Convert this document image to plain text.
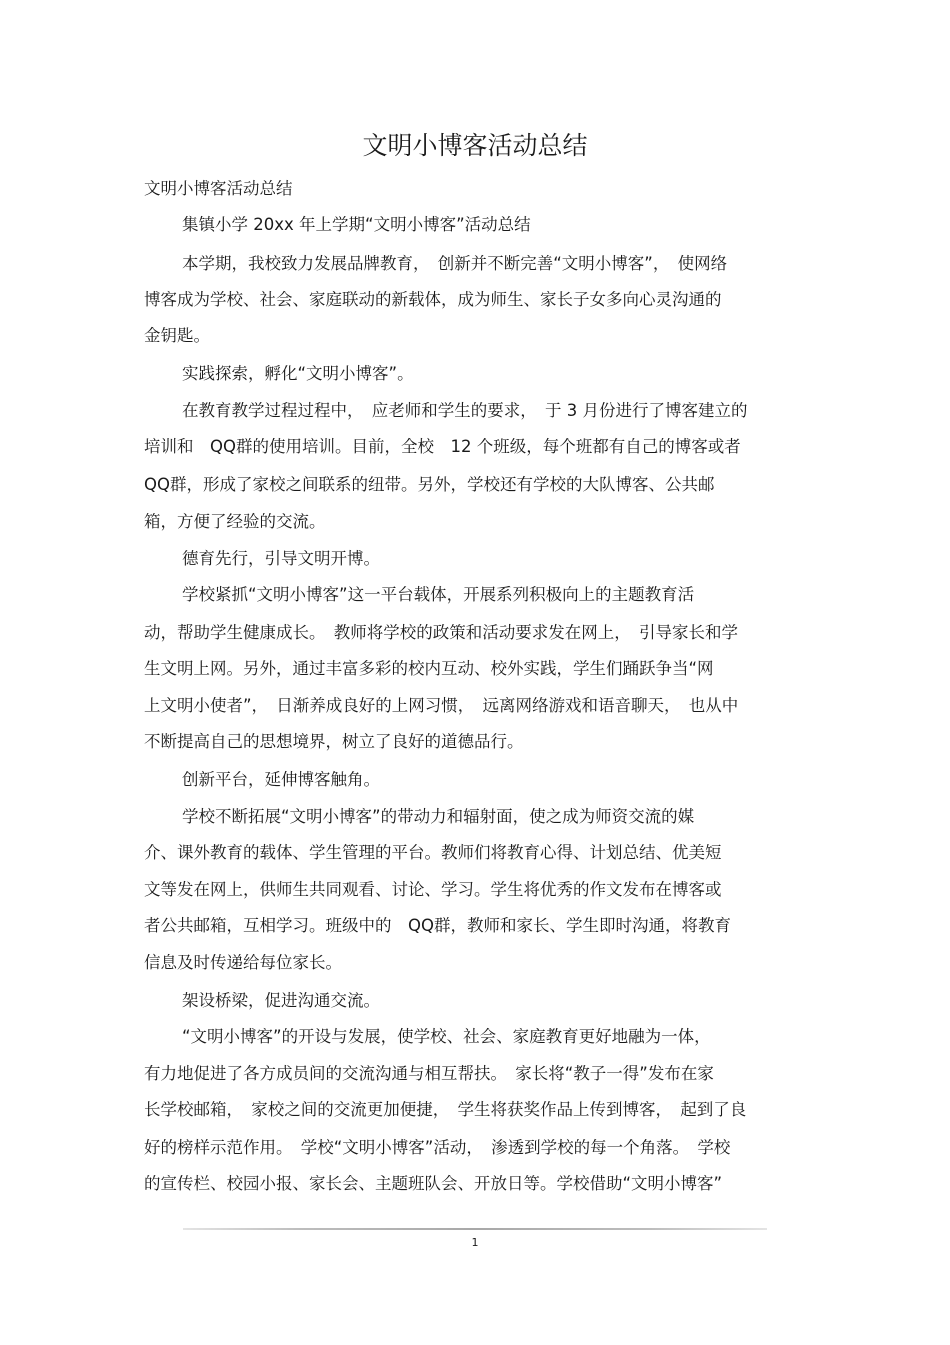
文明小博客活动总结

文明小博客活动总结

集镇小学 20xx 年上学期“文明小博客”活动总结

本学期，我校致力发展品牌教育，　创新并不断完善“文明小博客”，　使网络

博客成为学校、社会、家庭联动的新载体，成为师生、家长子女多向心灵沟通的

金钥匙。

实践探索，孵化“文明小博客”。

在教育教学过程过程中，　应老师和学生的要求，　于 3 月份进行了博客建立的

培训和　QQ群的使用培训。目前，全校　12 个班级，每个班都有自己的博客或者

QQ群，形成了家校之间联系的纽带。另外，学校还有学校的大队博客、公共邮

箱，方便了经验的交流。

德育先行，引导文明开博。

学校紧抓“文明小博客”这一平台载体，开展系列积极向上的主题教育活

动，帮助学生健康成长。　教师将学校的政策和活动要求发在网上，　引导家长和学

生文明上网。另外，通过丰富多彩的校内互动、校外实践，学生们踊跃争当“网

上文明小使者”，　日渐养成良好的上网习惯，　远离网络游戏和语音聊天，　也从中

不断提高自己的思想境界，树立了良好的道德品行。

创新平台，延伸博客触角。

学校不断拓展“文明小博客”的带动力和辐射面，使之成为师资交流的媒

介、课外教育的载体、学生管理的平台。教师们将教育心得、计划总结、优美短

文等发在网上，供师生共同观看、讨论、学习。学生将优秀的作文发布在博客或

者公共邮箱，互相学习。班级中的　QQ群，教师和家长、学生即时沟通，将教育

信息及时传递给每位家长。

架设桥梁，促进沟通交流。

“文明小博客”的开设与发展，使学校、社会、家庭教育更好地融为一体，

有力地促进了各方成员间的交流沟通与相互帮扶。　家长将“教子一得”发布在家

长学校邮箱，　家校之间的交流更加便捷，　学生将获奖作品上传到博客，　起到了良

好的榜样示范作用。　学校“文明小博客”活动，　渗透到学校的每一个角落。　学校

的宣传栏、校园小报、家长会、主题班队会、开放日等。学校借助“文明小博客”

1
